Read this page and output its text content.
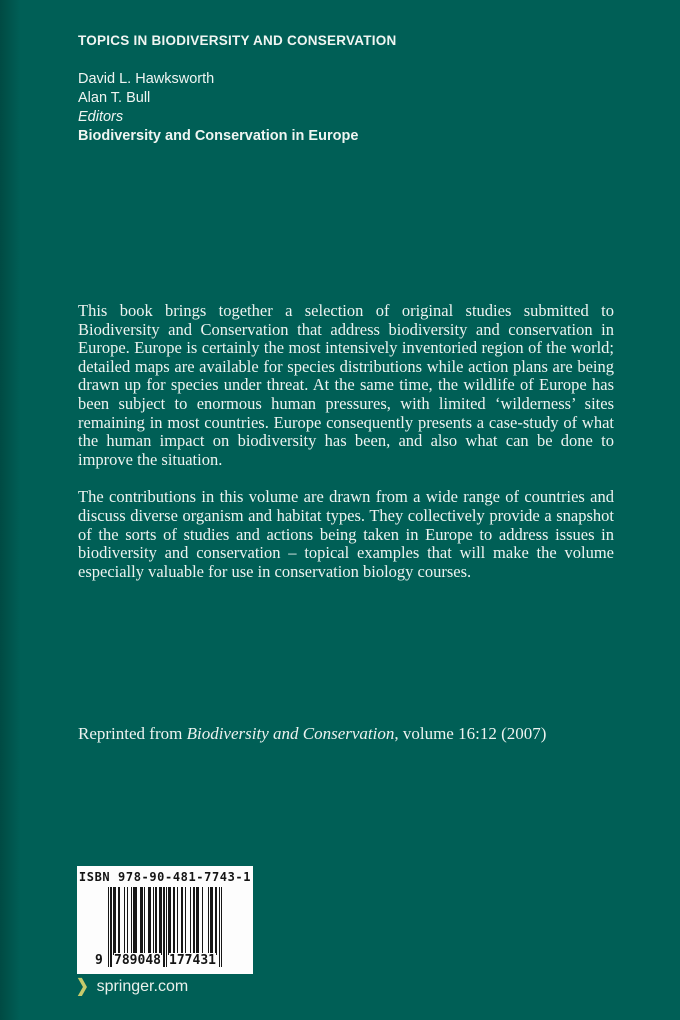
TOPICS IN BIODIVERSITY AND CONSERVATION
David L. Hawksworth
Alan T. Bull
Editors
Biodiversity and Conservation in Europe

This book brings together a selection of original studies submitted to Biodiversity and Conservation that address biodiversity and conservation in Europe. Europe is certainly the most intensively inventoried region of the world; detailed maps are available for species distributions while action plans are being drawn up for species under threat. At the same time, the wildlife of Europe has been subject to enormous human pressures, with limited ‘wilderness’ sites remaining in most countries. Europe consequently presents a case-study of what the human impact on biodiversity has been, and also what can be done to improve the situation.

The contributions in this volume are drawn from a wide range of countries and discuss diverse organism and habitat types. They collectively provide a snapshot of the sorts of studies and actions being taken in Europe to address issues in biodiversity and conservation – topical examples that will make the volume especially valuable for use in conservation biology courses.

Reprinted from Biodiversity and Conservation, volume 16:12 (2007)
ISBN 978-90-481-7743-1
9 789048 177431
❯ springer.com
